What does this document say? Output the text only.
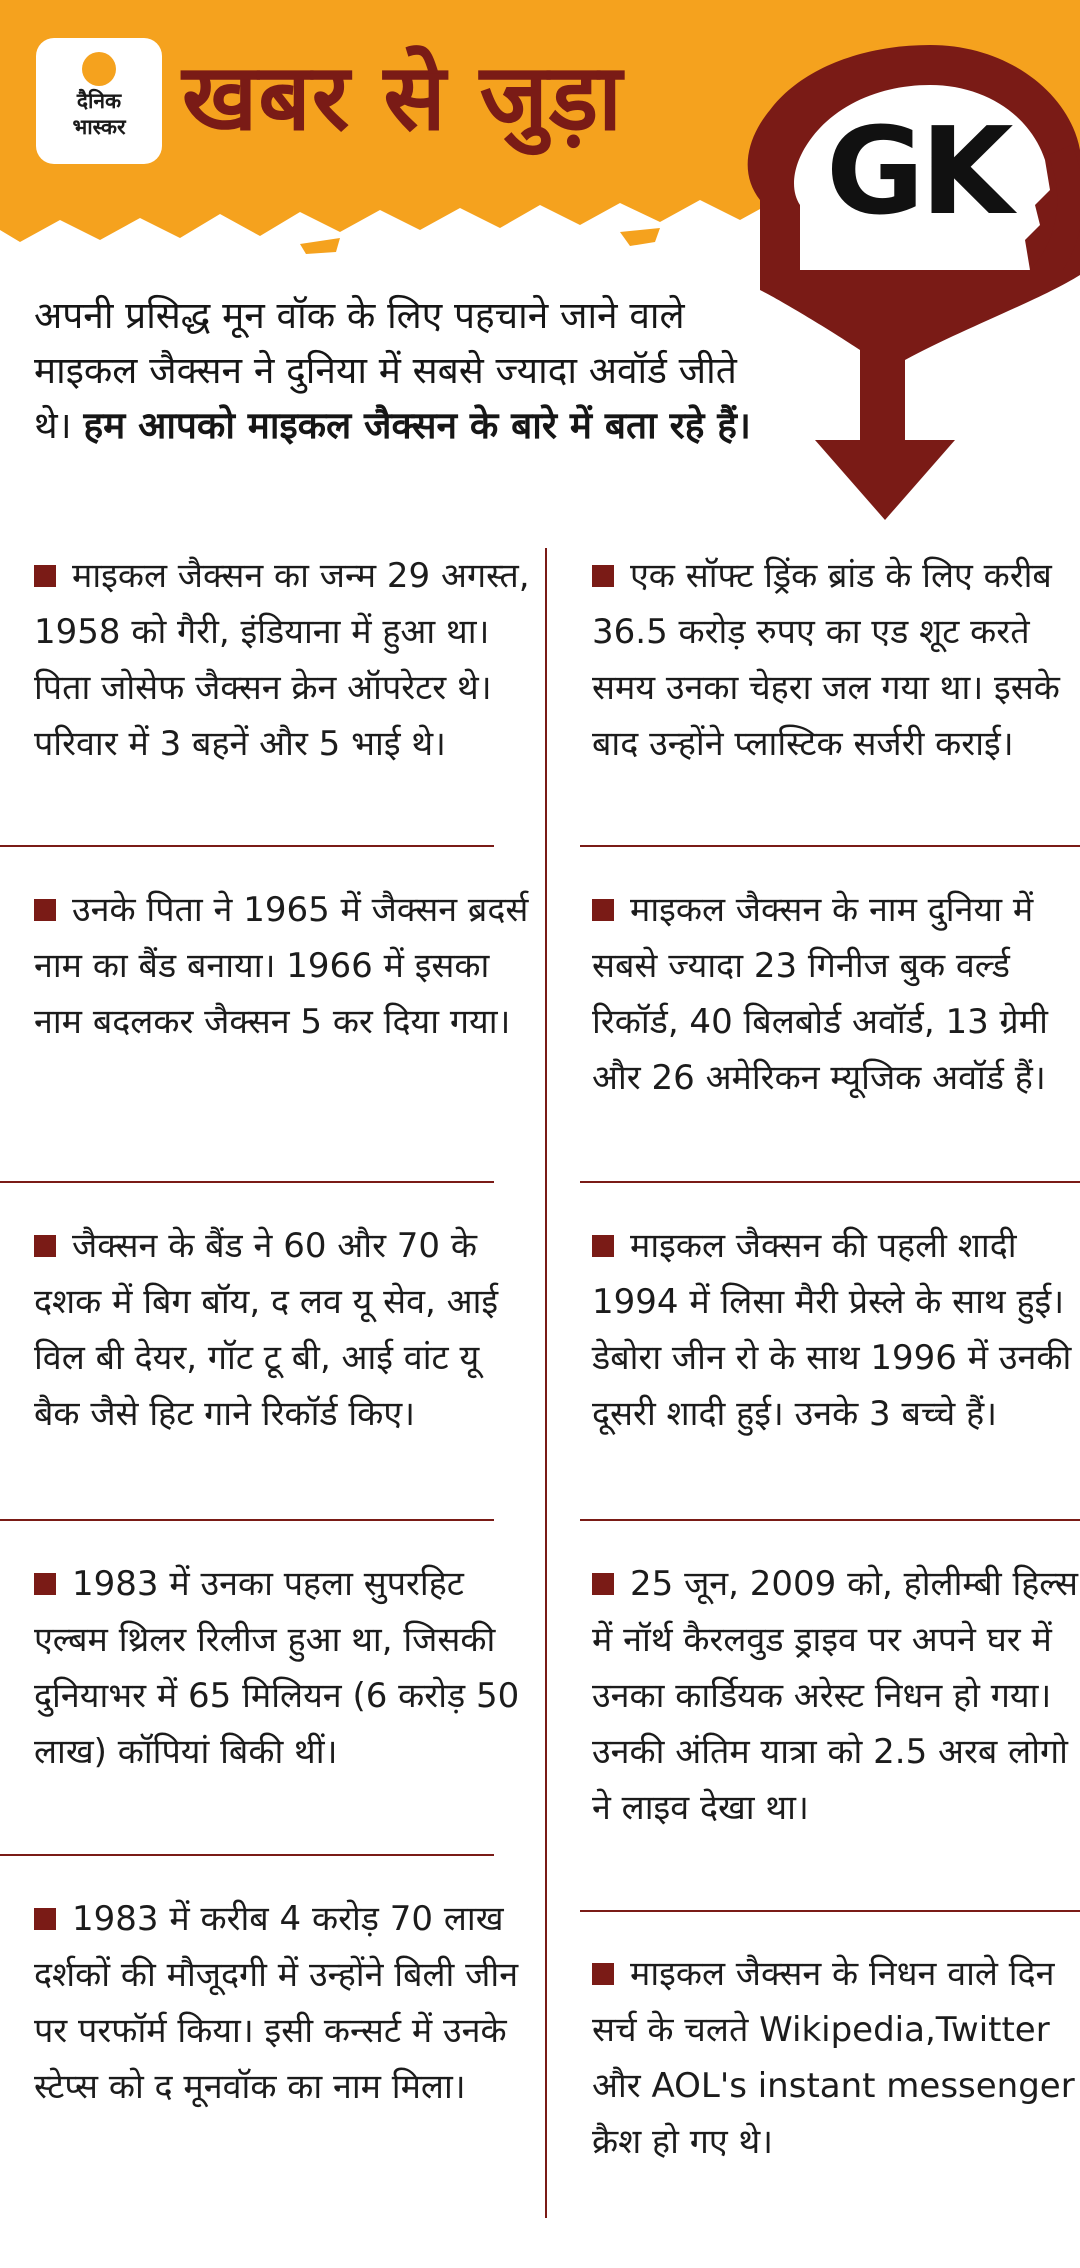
दैनिक
भास्कर खबर से जुड़ा
GK
अपनी प्रसिद्ध मून वॉक के लिए पहचाने जाने वाले माइकल जैक्सन ने दुनिया में सबसे ज्यादा अवॉर्ड जीते थे। हम आपको माइकल जैक्सन के बारे में बता रहे हैं।
माइकल जैक्सन का जन्म 29 अगस्त, 1958 को गैरी, इंडियाना में हुआ था। पिता जोसेफ जैक्सन क्रेन ऑपरेटर थे। परिवार में 3 बहनें और 5 भाई थे।
उनके पिता ने 1965 में जैक्सन ब्रदर्स नाम का बैंड बनाया। 1966 में इसका नाम बदलकर जैक्सन 5 कर दिया गया।
जैक्सन के बैंड ने 60 और 70 के दशक में बिग बॉय, द लव यू सेव, आई विल बी देयर, गॉट टू बी, आई वांट यू बैक जैसे हिट गाने रिकॉर्ड किए।
1983 में उनका पहला सुपरहिट एल्बम थ्रिलर रिलीज हुआ था, जिसकी दुनियाभर में 65 मिलियन (6 करोड़ 50 लाख) कॉपियां बिकी थीं।
1983 में करीब 4 करोड़ 70 लाख दर्शकों की मौजूदगी में उन्होंने बिली जीन पर परफॉर्म किया। इसी कन्सर्ट में उनके स्टेप्स को द मूनवॉक का नाम मिला।
एक सॉफ्ट ड्रिंक ब्रांड के लिए करीब 36.5 करोड़ रुपए का एड शूट करते समय उनका चेहरा जल गया था। इसके बाद उन्होंने प्लास्टिक सर्जरी कराई।
माइकल जैक्सन के नाम दुनिया में सबसे ज्यादा 23 गिनीज बुक वर्ल्ड रिकॉर्ड, 40 बिलबोर्ड अवॉर्ड, 13 ग्रेमी और 26 अमेरिकन म्यूजिक अवॉर्ड हैं।
माइकल जैक्सन की पहली शादी 1994 में लिसा मैरी प्रेस्ले के साथ हुई। डेबोरा जीन रो के साथ 1996 में उनकी दूसरी शादी हुई। उनके 3 बच्चे हैं।
25 जून, 2009 को, होलीम्बी हिल्स में नॉर्थ कैरलवुड ड्राइव पर अपने घर में उनका कार्डियक अरेस्ट निधन हो गया। उनकी अंतिम यात्रा को 2.5 अरब लोगो ने लाइव देखा था।
माइकल जैक्सन के निधन वाले दिन सर्च के चलते Wikipedia,Twitter और AOL's instant messenger क्रैश हो गए थे।
